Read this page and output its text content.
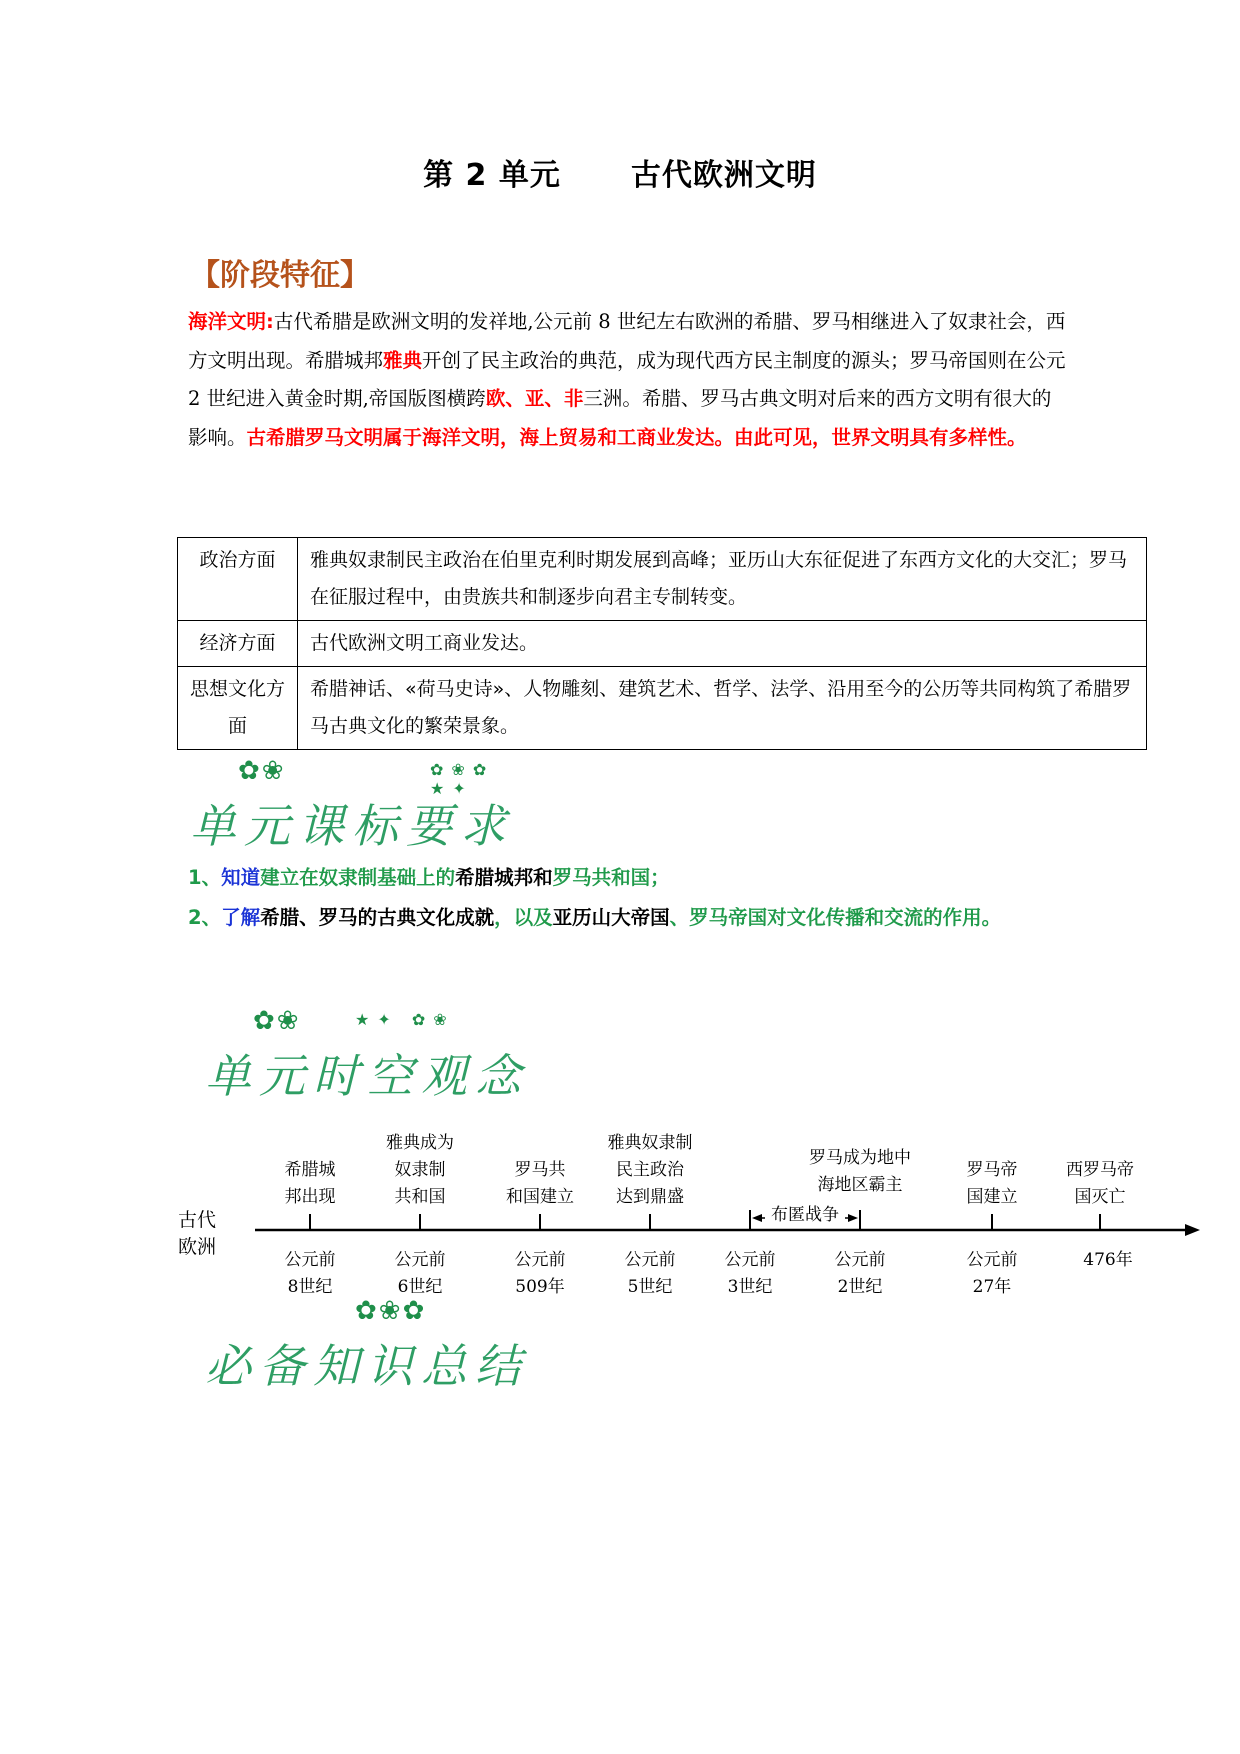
第 2 单元 古代欧洲文明
【阶段特征】
海洋文明:古代希腊是欧洲文明的发祥地,公元前 8 世纪左右欧洲的希腊、罗马相继进入了奴隶社会，西方文明出现。希腊城邦雅典开创了民主政治的典范，成为现代西方民主制度的源头；罗马帝国则在公元 2 世纪进入黄金时期,帝国版图横跨欧、亚、非三洲。希腊、罗马古典文明对后来的西方文明有很大的影响。古希腊罗马文明属于海洋文明，海上贸易和工商业发达。由此可见，世界文明具有多样性。
政治方面	雅典奴隶制民主政治在伯里克利时期发展到高峰；亚历山大东征促进了东西方文化的大交汇；罗马在征服过程中，由贵族共和制逐步向君主专制转变。
经济方面	古代欧洲文明工商业发达。
思想文化方面	希腊神话、«荷马史诗»、人物雕刻、建筑艺术、哲学、法学、沿用至今的公历等共同构筑了希腊罗马古典文化的繁荣景象。
✿❀	✿❀✿ ★✦
单元课标要求
1、知道建立在奴隶制基础上的希腊城邦和罗马共和国；
2、了解希腊、罗马的古典文化成就，以及亚历山大帝国、罗马帝国对文化传播和交流的作用。
✿❀	★✦ ✿❀
单元时空观念
古代
欧洲
希腊城
邦出现
公元前
8世纪
雅典成为
奴隶制
共和国
公元前
6世纪
罗马共
和国建立
公元前
509年
雅典奴隶制
民主政治
达到鼎盛
公元前
5世纪
公元前
3世纪
罗马成为地中
海地区霸主
公元前
2世纪
罗马帝
国建立
公元前
27年
西罗马帝
国灭亡
476年
布匿战争
✿❀✿
必备知识总结
